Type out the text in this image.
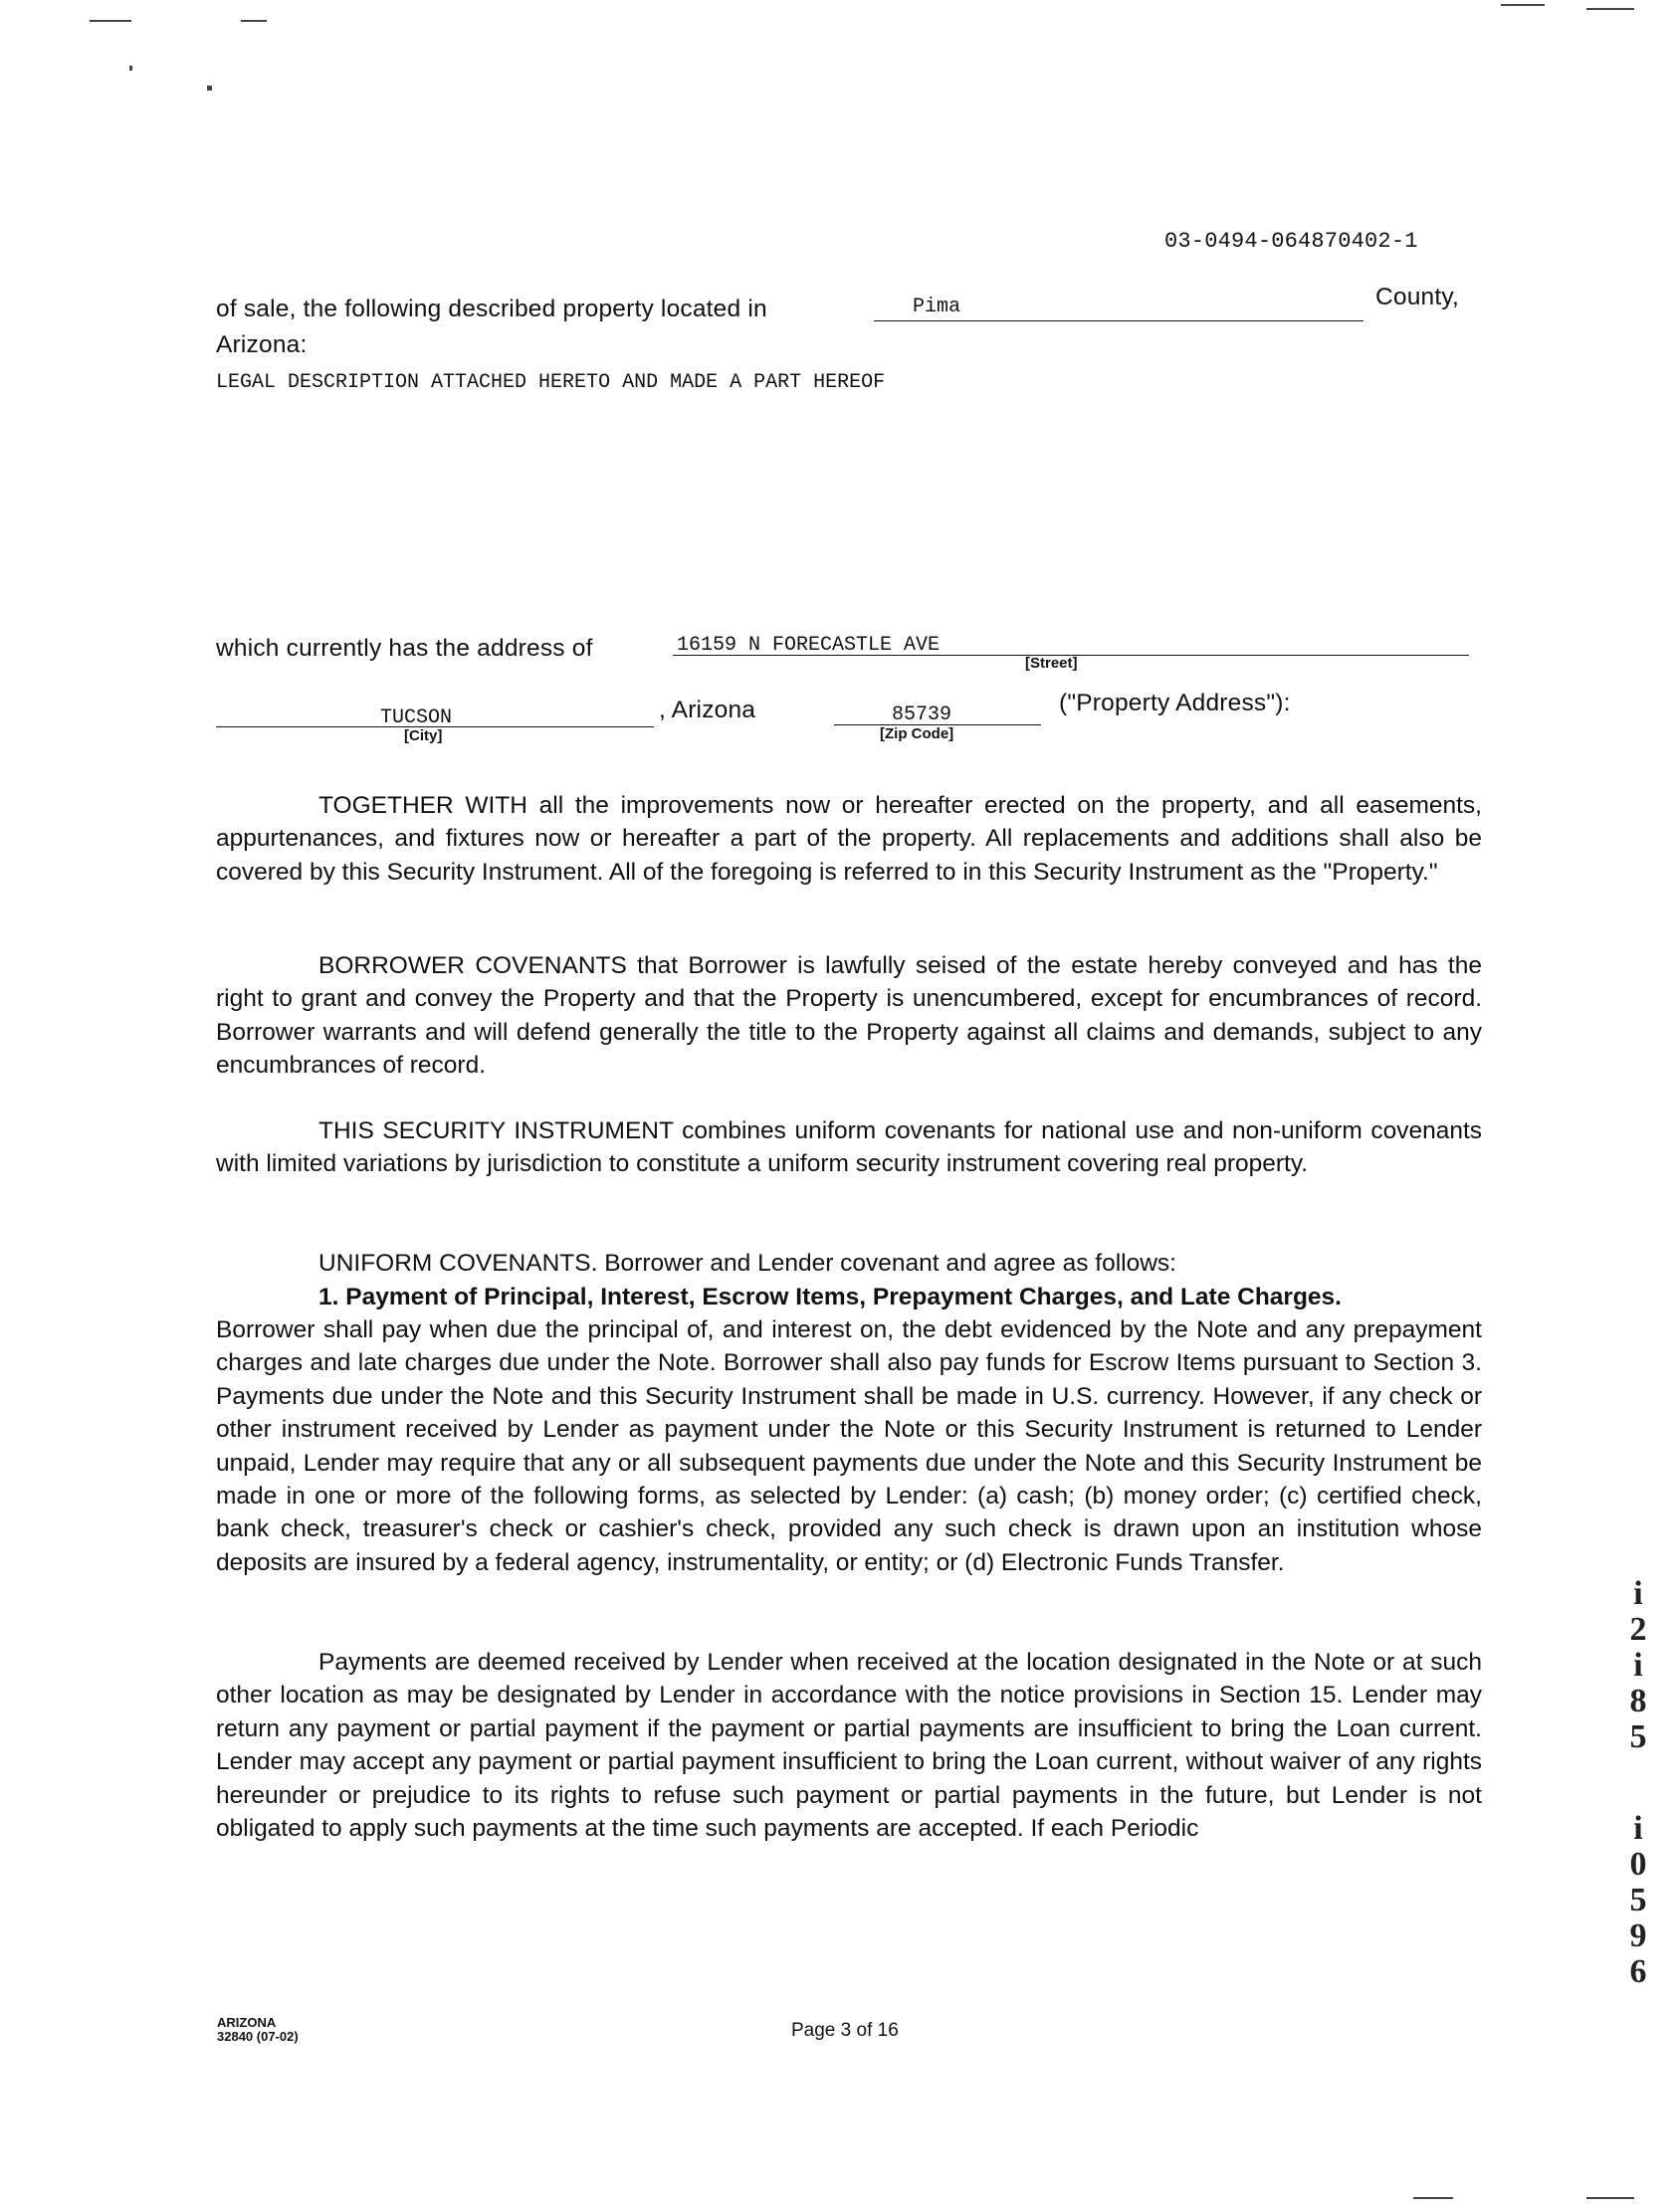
03-0494-064870402-1
of sale, the following described property located in	Pima	County,
Arizona:
LEGAL DESCRIPTION ATTACHED HERETO AND MADE A PART HEREOF
which currently has the address of	16159 N FORECASTLE AVE
[Street]
TUCSON
[City]
, Arizona	85739
[Zip Code]
("Property Address"):
TOGETHER WITH all the improvements now or hereafter erected on the property, and all easements, appurtenances, and fixtures now or hereafter a part of the property. All replacements and additions shall also be covered by this Security Instrument. All of the foregoing is referred to in this Security Instrument as the "Property."
BORROWER COVENANTS that Borrower is lawfully seised of the estate hereby conveyed and has the right to grant and convey the Property and that the Property is unencumbered, except for encumbrances of record. Borrower warrants and will defend generally the title to the Property against all claims and demands, subject to any encumbrances of record.
THIS SECURITY INSTRUMENT combines uniform covenants for national use and non-uniform covenants with limited variations by jurisdiction to constitute a uniform security instrument covering real property.
UNIFORM COVENANTS. Borrower and Lender covenant and agree as follows:
1. Payment of Principal, Interest, Escrow Items, Prepayment Charges, and Late Charges.
Borrower shall pay when due the principal of, and interest on, the debt evidenced by the Note and any prepayment charges and late charges due under the Note. Borrower shall also pay funds for Escrow Items pursuant to Section 3. Payments due under the Note and this Security Instrument shall be made in U.S. currency. However, if any check or other instrument received by Lender as payment under the Note or this Security Instrument is returned to Lender unpaid, Lender may require that any or all subsequent payments due under the Note and this Security Instrument be made in one or more of the following forms, as selected by Lender: (a) cash; (b) money order; (c) certified check, bank check, treasurer's check or cashier's check, provided any such check is drawn upon an institution whose deposits are insured by a federal agency, instrumentality, or entity; or (d) Electronic Funds Transfer.
Payments are deemed received by Lender when received at the location designated in the Note or at such other location as may be designated by Lender in accordance with the notice provisions in Section 15. Lender may return any payment or partial payment if the payment or partial payments are insufficient to bring the Loan current. Lender may accept any payment or partial payment insufficient to bring the Loan current, without waiver of any rights hereunder or prejudice to its rights to refuse such payment or partial payments in the future, but Lender is not obligated to apply such payments at the time such payments are accepted. If each Periodic
i
2
i
8
5
i
0
5
9
6
ARIZONA
32840 (07-02)	Page 3 of 16
